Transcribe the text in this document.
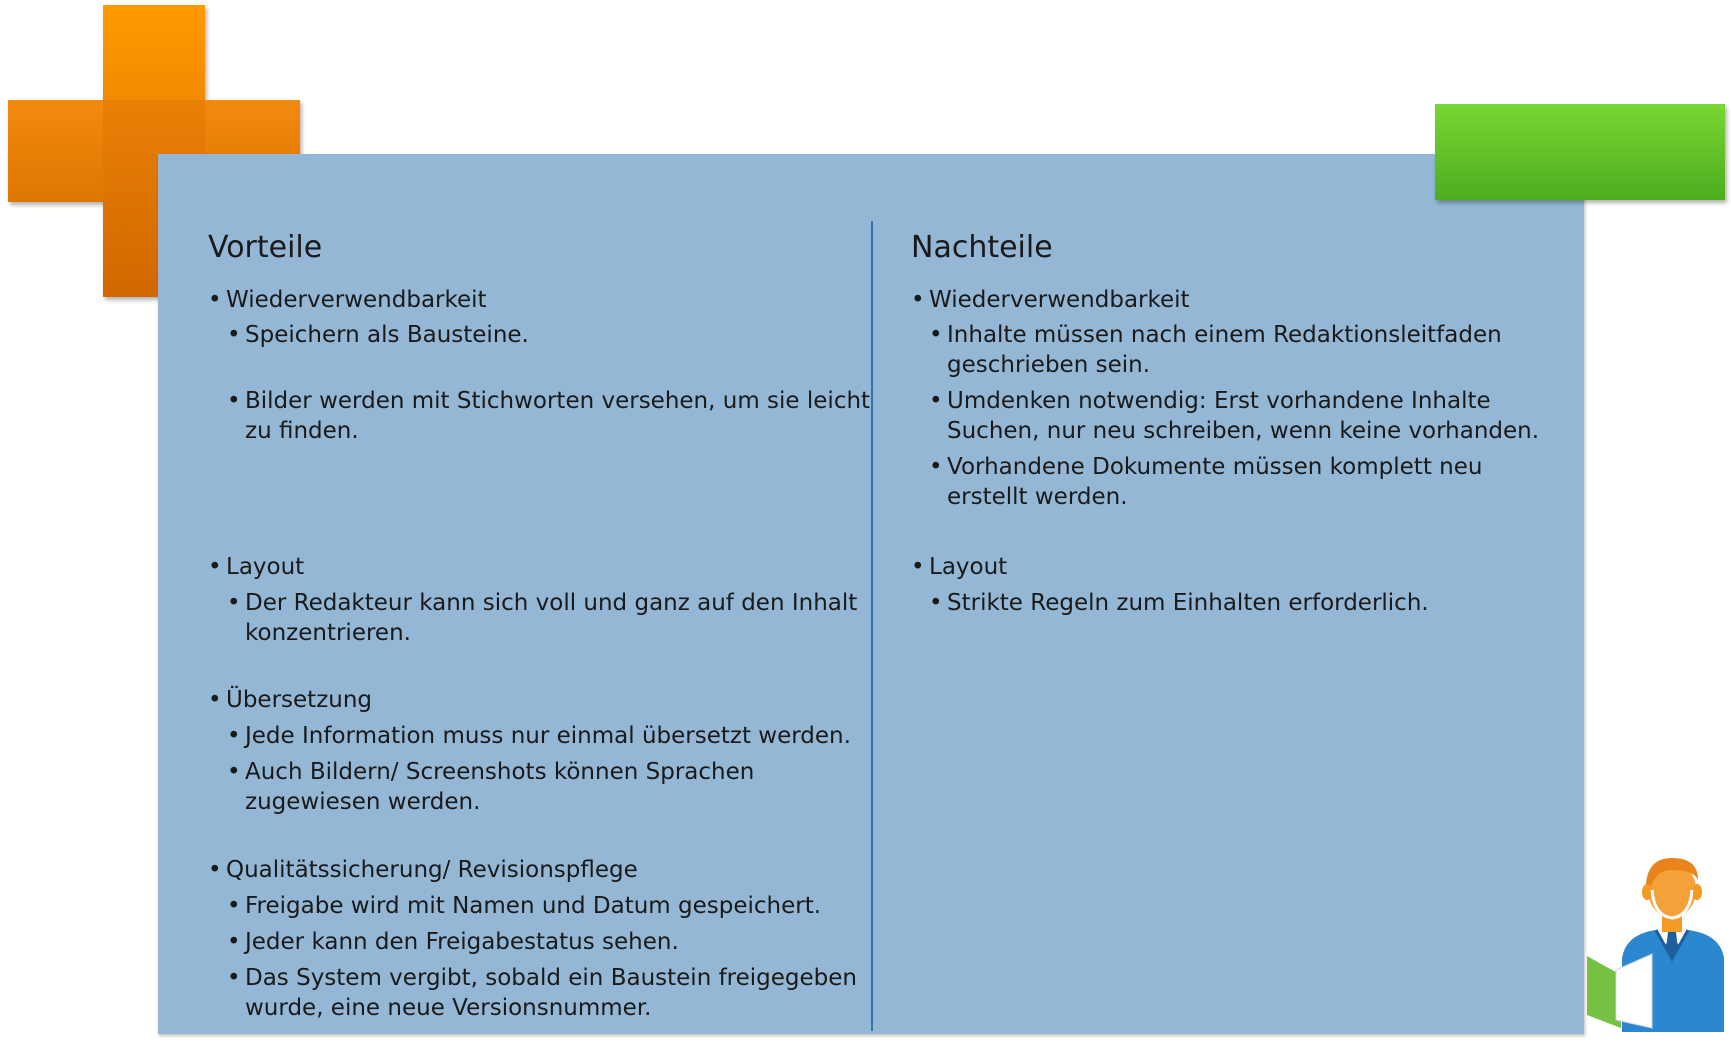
Vorteile
• Wiederverwendbarkeit
• Speichern als Bausteine.
• Bilder werden mit Stichworten versehen, um sie leicht
zu finden.
• Layout
• Der Redakteur kann sich voll und ganz auf den Inhalt
konzentrieren.
• Übersetzung
• Jede Information muss nur einmal übersetzt werden.
• Auch Bildern/ Screenshots können Sprachen
zugewiesen werden.
• Qualitätssicherung/ Revisionspflege
• Freigabe wird mit Namen und Datum gespeichert.
• Jeder kann den Freigabestatus sehen.
• Das System vergibt, sobald ein Baustein freigegeben
wurde, eine neue Versionsnummer.
Nachteile
• Wiederverwendbarkeit
• Inhalte müssen nach einem Redaktionsleitfaden
geschrieben sein.
• Umdenken notwendig: Erst vorhandene Inhalte
Suchen, nur neu schreiben, wenn keine vorhanden.
• Vorhandene Dokumente müssen komplett neu
erstellt werden.
• Layout
• Strikte Regeln zum Einhalten erforderlich.
